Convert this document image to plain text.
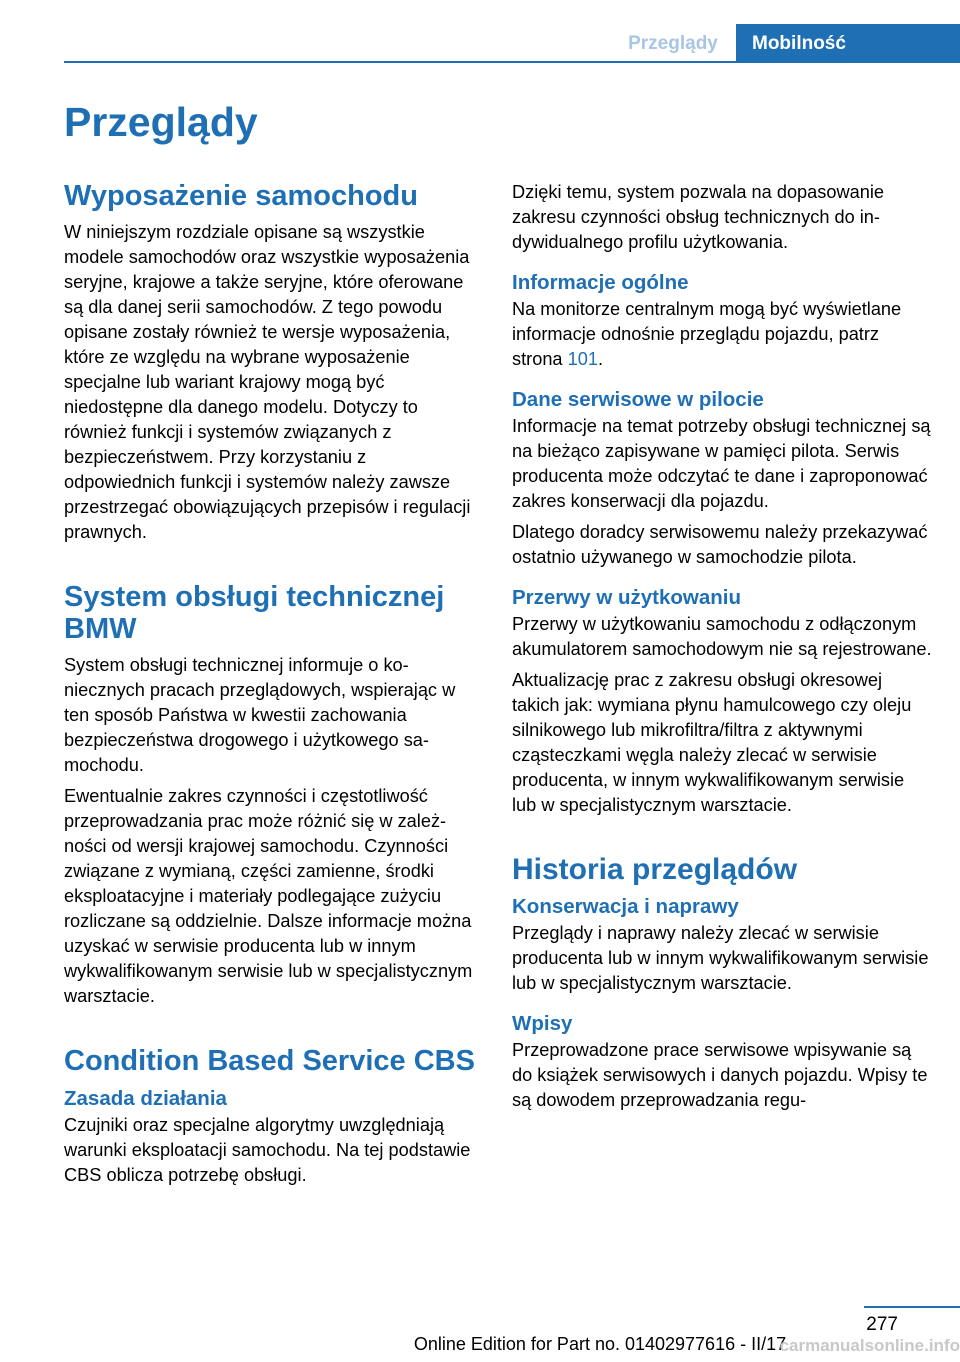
Przeglądy	Mobilność
Przeglądy
Wyposażenie samochodu

W niniejszym rozdziale opisane są wszystkie modele samochodów oraz wszystkie wyposażenia seryjne, krajowe a także seryjne, które oferowane są dla danej serii samochodów. Z tego powodu opisane zostały również te wersje wyposażenia, które ze względu na wybrane wyposażenie specjalne lub wariant krajowy mogą być niedostępne dla danego modelu. Dotyczy to również funkcji i systemów związanych z bezpieczeństwem. Przy korzystaniu z odpowiednich funkcji i systemów należy zawsze przestrzegać obowiązujących przepisów i regulacji prawnych.

System obsługi technicznej BMW

System obsługi technicznej informuje o koniecznych pracach przeglądowych, wspierając w ten sposób Państwa w kwestii zachowania bezpieczeństwa drogowego i użytkowego samochodu.

Ewentualnie zakres czynności i częstotliwość przeprowadzania prac może różnić się w zależności od wersji krajowej samochodu. Czynności związane z wymianą, części zamienne, środki eksploatacyjne i materiały podlegające zużyciu rozliczane są oddzielnie. Dalsze informacje można uzyskać w serwisie producenta lub w innym wykwalifikowanym serwisie lub w specjalistycznym warsztacie.

Condition Based Service CBS
Zasada działania

Czujniki oraz specjalne algorytmy uwzględniają warunki eksploatacji samochodu. Na tej podstawie CBS oblicza potrzebę obsługi.

Dzięki temu, system pozwala na dopasowanie zakresu czynności obsług technicznych do indywidualnego profilu użytkowania.

Informacje ogólne

Na monitorze centralnym mogą być wyświetlane informacje odnośnie przeglądu pojazdu, patrz strona 101.

Dane serwisowe w pilocie

Informacje na temat potrzeby obsługi technicznej są na bieżąco zapisywane w pamięci pilota. Serwis producenta może odczytać te dane i zaproponować zakres konserwacji dla pojazdu.

Dlatego doradcy serwisowemu należy przekazywać ostatnio używanego w samochodzie pilota.

Przerwy w użytkowaniu

Przerwy w użytkowaniu samochodu z odłączonym akumulatorem samochodowym nie są rejestrowane.

Aktualizację prac z zakresu obsługi okresowej takich jak: wymiana płynu hamulcowego czy oleju silnikowego lub mikrofiltra/filtra z aktywnymi cząsteczkami węgla należy zlecać w serwisie producenta, w innym wykwalifikowanym serwisie lub w specjalistycznym warsztacie.

Historia przeglądów
Konserwacja i naprawy

Przeglądy i naprawy należy zlecać w serwisie producenta lub w innym wykwalifikowanym serwisie lub w specjalistycznym warsztacie.

Wpisy

Przeprowadzone prace serwisowe wpisywanie są do książek serwisowych i danych pojazdu. Wpisy te są dowodem przeprowadzania regu-

277
Online Edition for Part no. 01402977616 - II/17
carmanualsonline.info
